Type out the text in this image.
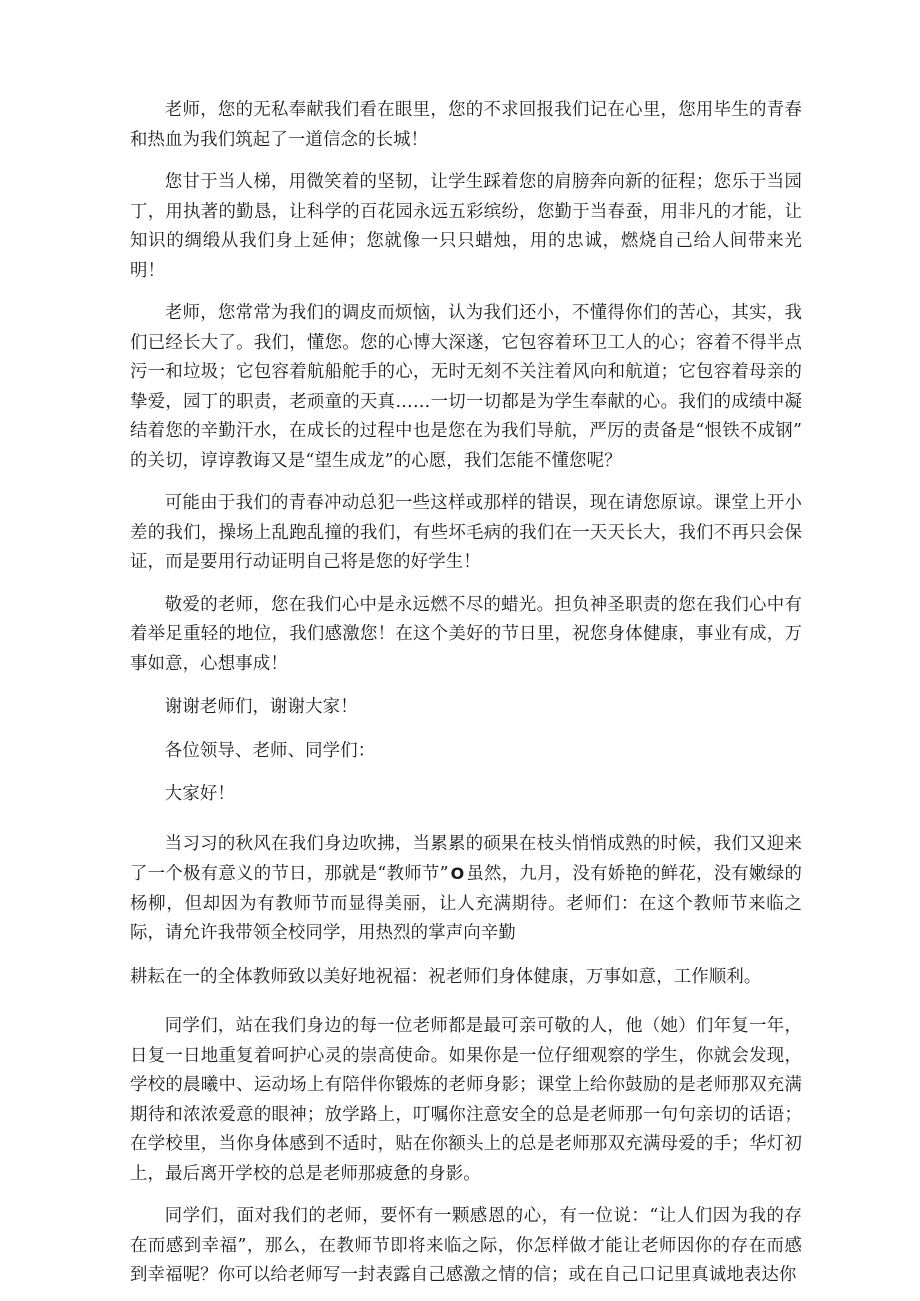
老师，您的无私奉献我们看在眼里，您的不求回报我们记在心里，您用毕生的青春和热血为我们筑起了一道信念的长城！

您甘于当人梯，用微笑着的坚韧，让学生踩着您的肩膀奔向新的征程；您乐于当园丁，用执著的勤恳，让科学的百花园永远五彩缤纷，您勤于当春蚕，用非凡的才能，让知识的绸缎从我们身上延伸；您就像一只只蜡烛，用的忠诚，燃烧自己给人间带来光明！

老师，您常常为我们的调皮而烦恼，认为我们还小，不懂得你们的苦心，其实，我们已经长大了。我们，懂您。您的心博大深遂，它包容着环卫工人的心；容着不得半点污一和垃圾；它包容着航船舵手的心，无时无刻不关注着风向和航道；它包容着母亲的挚爱，园丁的职责，老顽童的天真……一切一切都是为学生奉献的心。我们的成绩中凝结着您的辛勤汗水，在成长的过程中也是您在为我们导航，严厉的责备是“恨铁不成钢”的关切，谆谆教诲又是“望生成龙”的心愿，我们怎能不懂您呢？

可能由于我们的青春冲动总犯一些这样或那样的错误，现在请您原谅。课堂上开小差的我们，操场上乱跑乱撞的我们，有些坏毛病的我们在一天天长大，我们不再只会保证，而是要用行动证明自己将是您的好学生！

敬爱的老师，您在我们心中是永远燃不尽的蜡光。担负神圣职责的您在我们心中有着举足重轻的地位，我们感激您！在这个美好的节日里，祝您身体健康，事业有成，万事如意，心想事成！

谢谢老师们，谢谢大家！

各位领导、老师、同学们：

大家好！

当习习的秋风在我们身边吹拂，当累累的硕果在枝头悄悄成熟的时候，我们又迎来了一个极有意义的节日，那就是“教师节” O 虽然，九月，没有娇艳的鲜花，没有嫩绿的杨柳，但却因为有教师节而显得美丽，让人充满期待。老师们：在这个教师节来临之际，请允许我带领全校同学，用热烈的掌声向辛勤

耕耘在一的全体教师致以美好地祝福：祝老师们身体健康，万事如意，工作顺利。

同学们，站在我们身边的每一位老师都是最可亲可敬的人，他（她）们年复一年，日复一日地重复着呵护心灵的崇高使命。如果你是一位仔细观察的学生，你就会发现，学校的晨曦中、运动场上有陪伴你锻炼的老师身影；课堂上给你鼓励的是老师那双充满期待和浓浓爱意的眼神；放学路上，叮嘱你注意安全的总是老师那一句句亲切的话语；在学校里，当你身体感到不适时，贴在你额头上的总是老师那双充满母爱的手；华灯初上，最后离开学校的总是老师那疲惫的身影。

同学们，面对我们的老师，要怀有一颗感恩的心，有一位说：“让人们因为我的存在而感到幸福”，那么，在教师节即将来临之际，你怎样做才能让老师因你的存在而感到幸福呢？你可以给老师写一封表露自己感激之情的信；或在自己口记里真诚地表达你
